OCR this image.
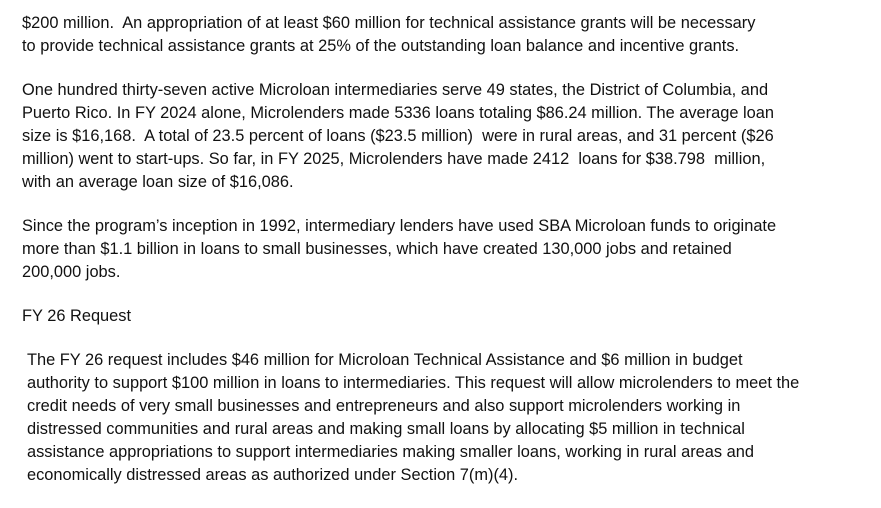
$200 million.  An appropriation of at least $60 million for technical assistance grants will be necessary
to provide technical assistance grants at 25% of the outstanding loan balance and incentive grants.

One hundred thirty-seven active Microloan intermediaries serve 49 states, the District of Columbia, and
Puerto Rico. In FY 2024 alone, Microlenders made 5336 loans totaling $86.24 million. The average loan
size is $16,168.  A total of 23.5 percent of loans ($23.5 million)  were in rural areas, and 31 percent ($26
million) went to start-ups. So far, in FY 2025, Microlenders have made 2412  loans for $38.798  million,
with an average loan size of $16,086.

Since the program’s inception in 1992, intermediary lenders have used SBA Microloan funds to originate
more than $1.1 billion in loans to small businesses, which have created 130,000 jobs and retained
200,000 jobs.

FY 26 Request

The FY 26 request includes $46 million for Microloan Technical Assistance and $6 million in budget
authority to support $100 million in loans to intermediaries. This request will allow microlenders to meet the
credit needs of very small businesses and entrepreneurs and also support microlenders working in
distressed communities and rural areas and making small loans by allocating $5 million in technical
assistance appropriations to support intermediaries making smaller loans, working in rural areas and
economically distressed areas as authorized under Section 7(m)(4).
